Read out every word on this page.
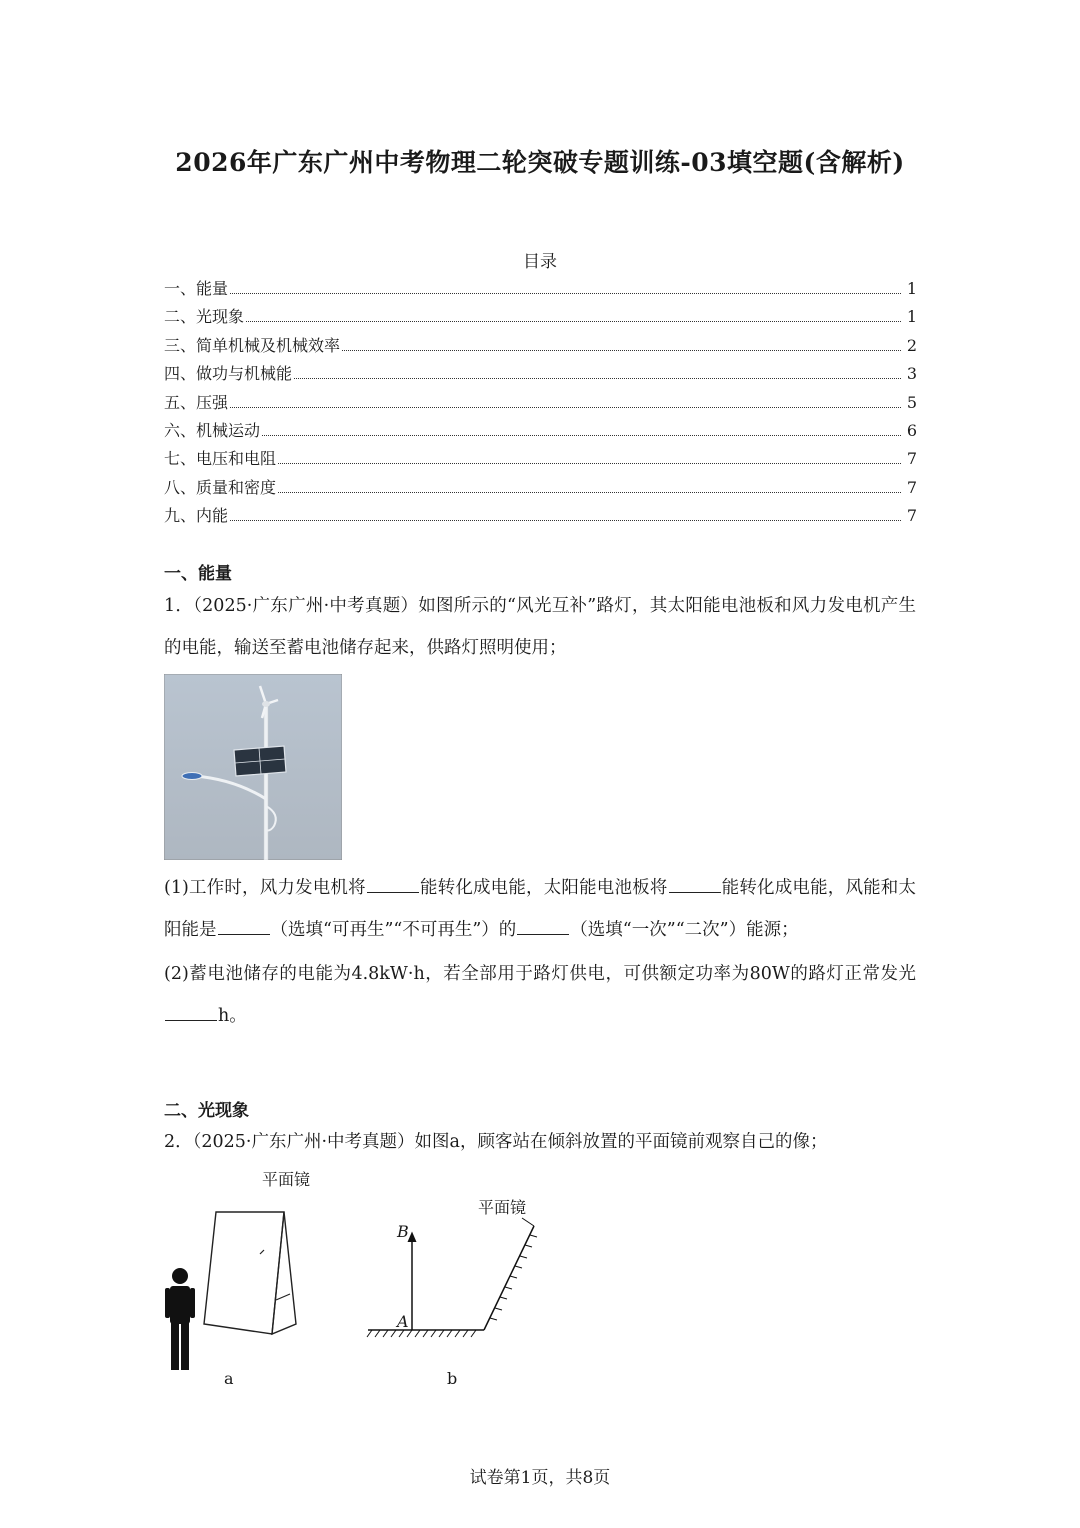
2026年广东广州中考物理二轮突破专题训练-03填空题(含解析)
目录
一、能量	1
二、光现象	1
三、简单机械及机械效率	2
四、做功与机械能	3
五、压强	5
六、机械运动	6
七、电压和电阻	7
八、质量和密度	7
九、内能	7
一、能量
1．（2025·广东广州·中考真题）如图所示的“风光互补”路灯，其太阳能电池板和风力发电机产生的电能，输送至蓄电池储存起来，供路灯照明使用；
(1)工作时，风力发电机将	能转化成电能，太阳能电池板将	能转化成电能，风能和太阳能是	（选填“可再生”“不可再生”）的	（选填“一次”“二次”）能源；
(2)蓄电池储存的电能为4.8kW·h，若全部用于路灯供电，可供额定功率为80W的路灯正常发光h。
二、光现象
2．（2025·广东广州·中考真题）如图a，顾客站在倾斜放置的平面镜前观察自己的像；
平面镜
a
平面镜
B
A
b
试卷第1页，共8页
